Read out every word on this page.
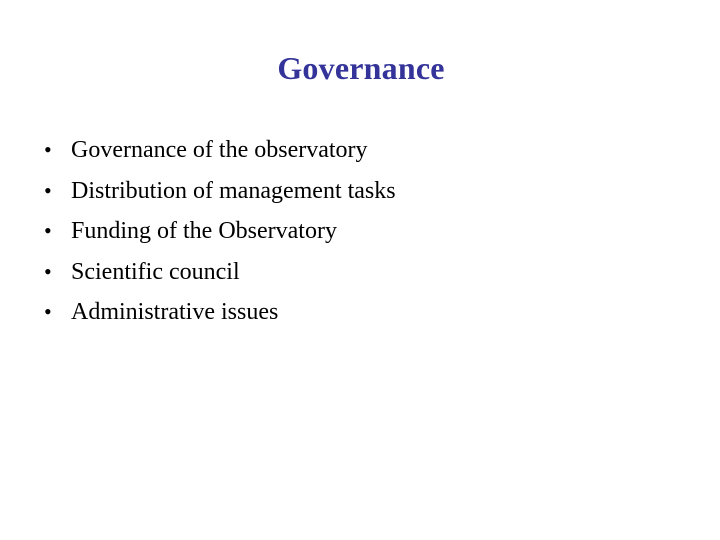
Governance
• Governance of the observatory
• Distribution of management tasks
• Funding of the Observatory
• Scientific council
• Administrative issues
